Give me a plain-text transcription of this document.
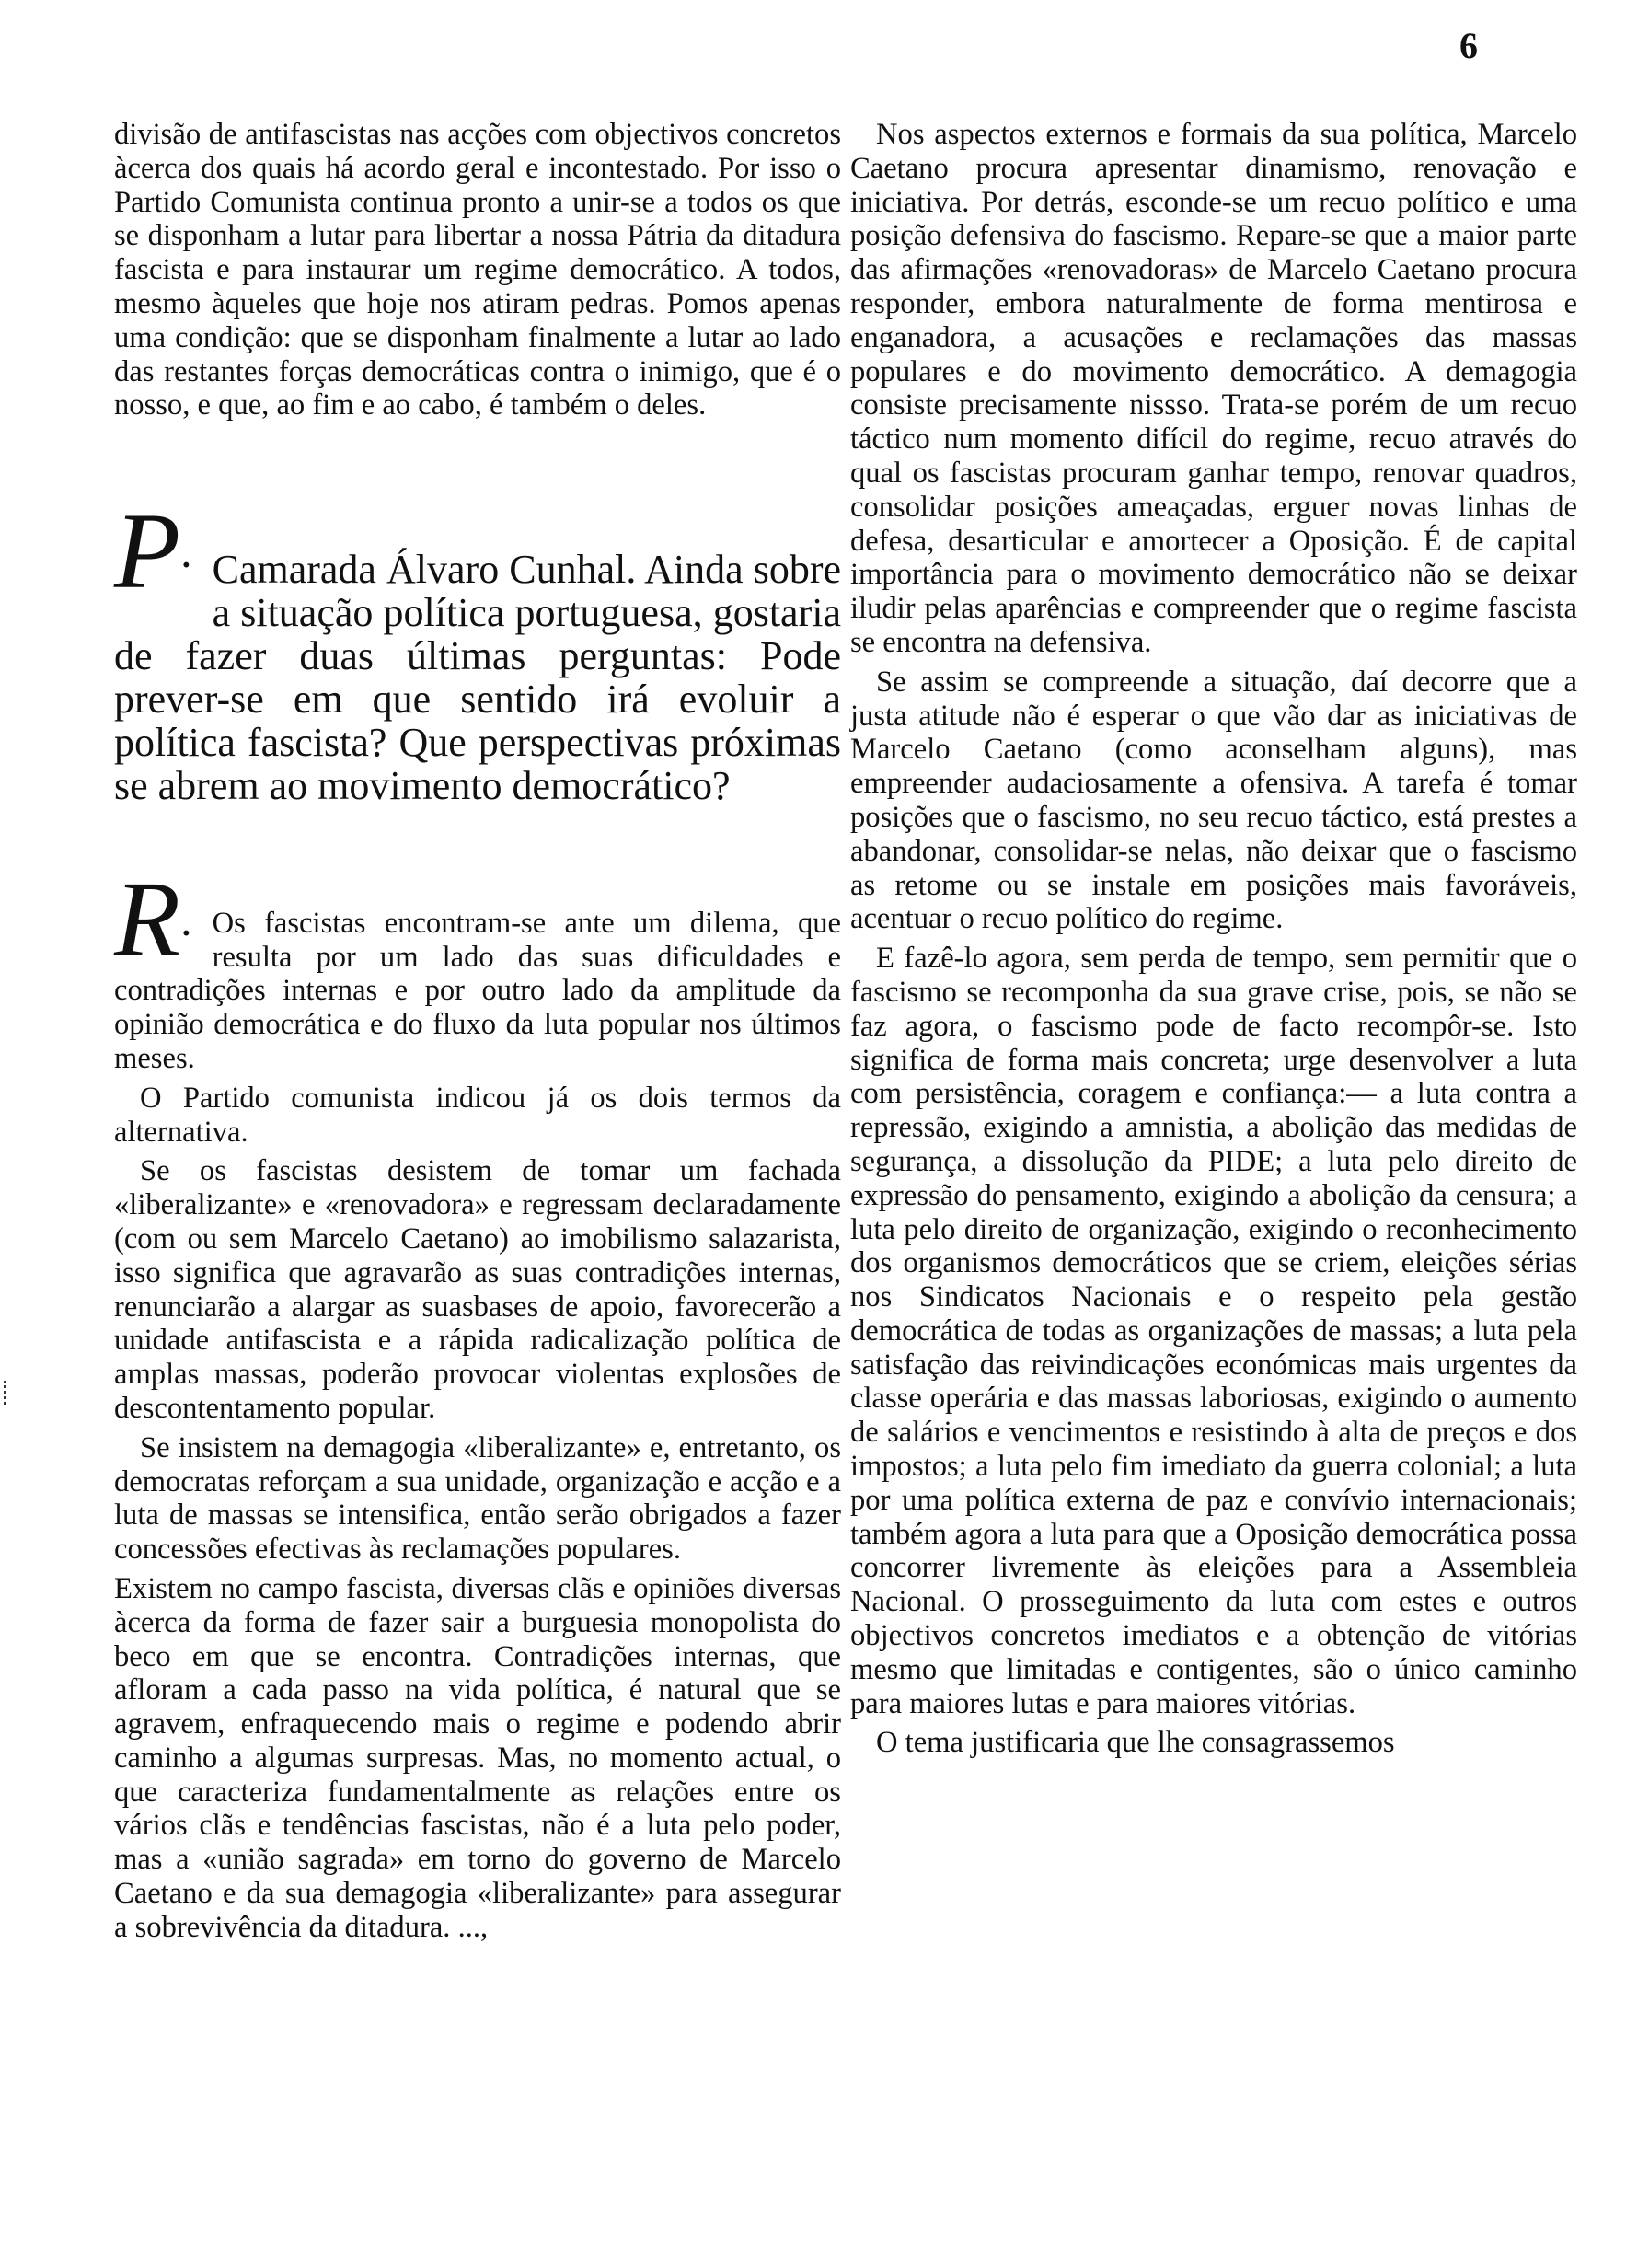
6

divisão de antifascistas nas acções com objectivos concretos àcerca dos quais há acordo geral e incontestado. Por isso o Partido Comunista continua pronto a unir-se a todos os que se disponham a lutar para libertar a nossa Pátria da ditadura fascista e para instaurar um regime democrático. A todos, mesmo àqueles que hoje nos atiram pedras. Pomos apenas uma condição: que se disponham finalmente a lutar ao lado das restantes forças democráticas contra o inimigo, que é o nosso, e que, ao fim e ao cabo, é também o deles.

P. Camarada Álvaro Cunhal. Ainda sobre a situação política portuguesa, gostaria de fazer duas últimas perguntas: Pode prever-se em que sentido irá evoluir a política fascista? Que perspectivas próximas se abrem ao movimento democrático?

R. Os fascistas encontram-se ante um dilema, que resulta por um lado das suas dificuldades e contradições internas e por outro lado da amplitude da opinião democrática e do fluxo da luta popular nos últimos meses.

O Partido comunista indicou já os dois termos da alternativa.

Se os fascistas desistem de tomar um fachada «liberalizante» e «renovadora» e regressam declaradamente (com ou sem Marcelo Caetano) ao imobilismo salazarista, isso significa que agravarão as suas contradições internas, renunciarão a alargar as suasbases de apoio, favorecerão a unidade antifascista e a rápida radicalização política de amplas massas, poderão provocar violentas explosões de descontentamento popular.

Se insistem na demagogia «liberalizante» e, entretanto, os democratas reforçam a sua unidade, organização e acção e a luta de massas se intensifica, então serão obrigados a fazer concessões efectivas às reclamações populares.

Existem no campo fascista, diversas clãs e opiniões diversas àcerca da forma de fazer sair a burguesia monopolista do beco em que se encontra. Contradições internas, que afloram a cada passo na vida política, é natural que se agravem, enfraquecendo mais o regime e podendo abrir caminho a algumas surpresas. Mas, no momento actual, o que caracteriza fundamentalmente as relações entre os vários clãs e tendências fascistas, não é a luta pelo poder, mas a «união sagrada» em torno do governo de Marcelo Caetano e da sua demagogia «liberalizante» para assegurar a sobrevivência da ditadura. ...,

Nos aspectos externos e formais da sua política, Marcelo Caetano procura apresentar dinamismo, renovação e iniciativa. Por detrás, esconde-se um recuo político e uma posição defensiva do fascismo. Repare-se que a maior parte das afirmações «renovadoras» de Marcelo Caetano procura responder, embora naturalmente de forma mentirosa e enganadora, a acusações e reclamações das massas populares e do movimento democrático. A demagogia consiste precisamente nissso. Trata-se porém de um recuo táctico num momento difícil do regime, recuo através do qual os fascistas procuram ganhar tempo, renovar quadros, consolidar posições ameaçadas, erguer novas linhas de defesa, desarticular e amortecer a Oposição. É de capital importância para o movimento democrático não se deixar iludir pelas aparências e compreender que o regime fascista se encontra na defensiva.

Se assim se compreende a situação, daí decorre que a justa atitude não é esperar o que vão dar as iniciativas de Marcelo Caetano (como aconselham alguns), mas empreender audaciosamente a ofensiva. A tarefa é tomar posições que o fascismo, no seu recuo táctico, está prestes a abandonar, consolidar-se nelas, não deixar que o fascismo as retome ou se instale em posições mais favoráveis, acentuar o recuo político do regime.

E fazê-lo agora, sem perda de tempo, sem permitir que o fascismo se recomponha da sua grave crise, pois, se não se faz agora, o fascismo pode de facto recompôr-se. Isto significa de forma mais concreta; urge desenvolver a luta com persistência, coragem e confiança:— a luta contra a repressão, exigindo a amnistia, a abolição das medidas de segurança, a dissolução da PIDE; a luta pelo direito de expressão do pensamento, exigindo a abolição da censura; a luta pelo direito de organização, exigindo o reconhecimento dos organismos democráticos que se criem, eleições sérias nos Sindicatos Nacionais e o respeito pela gestão democrática de todas as organizações de massas; a luta pela satisfação das reivindicações económicas mais urgentes da classe operária e das massas laboriosas, exigindo o aumento de salários e vencimentos e resistindo à alta de preços e dos impostos; a luta pelo fim imediato da guerra colonial; a luta por uma política externa de paz e convívio internacionais; também agora a luta para que a Oposição democrática possa concorrer livremente às eleições para a Assembleia Nacional. O prosseguimento da luta com estes e outros objectivos concretos imediatos e a obtenção de vitórias mesmo que limitadas e contigentes, são o único caminho para maiores lutas e para maiores vitórias.

O tema justificaria que lhe consagrassemos
